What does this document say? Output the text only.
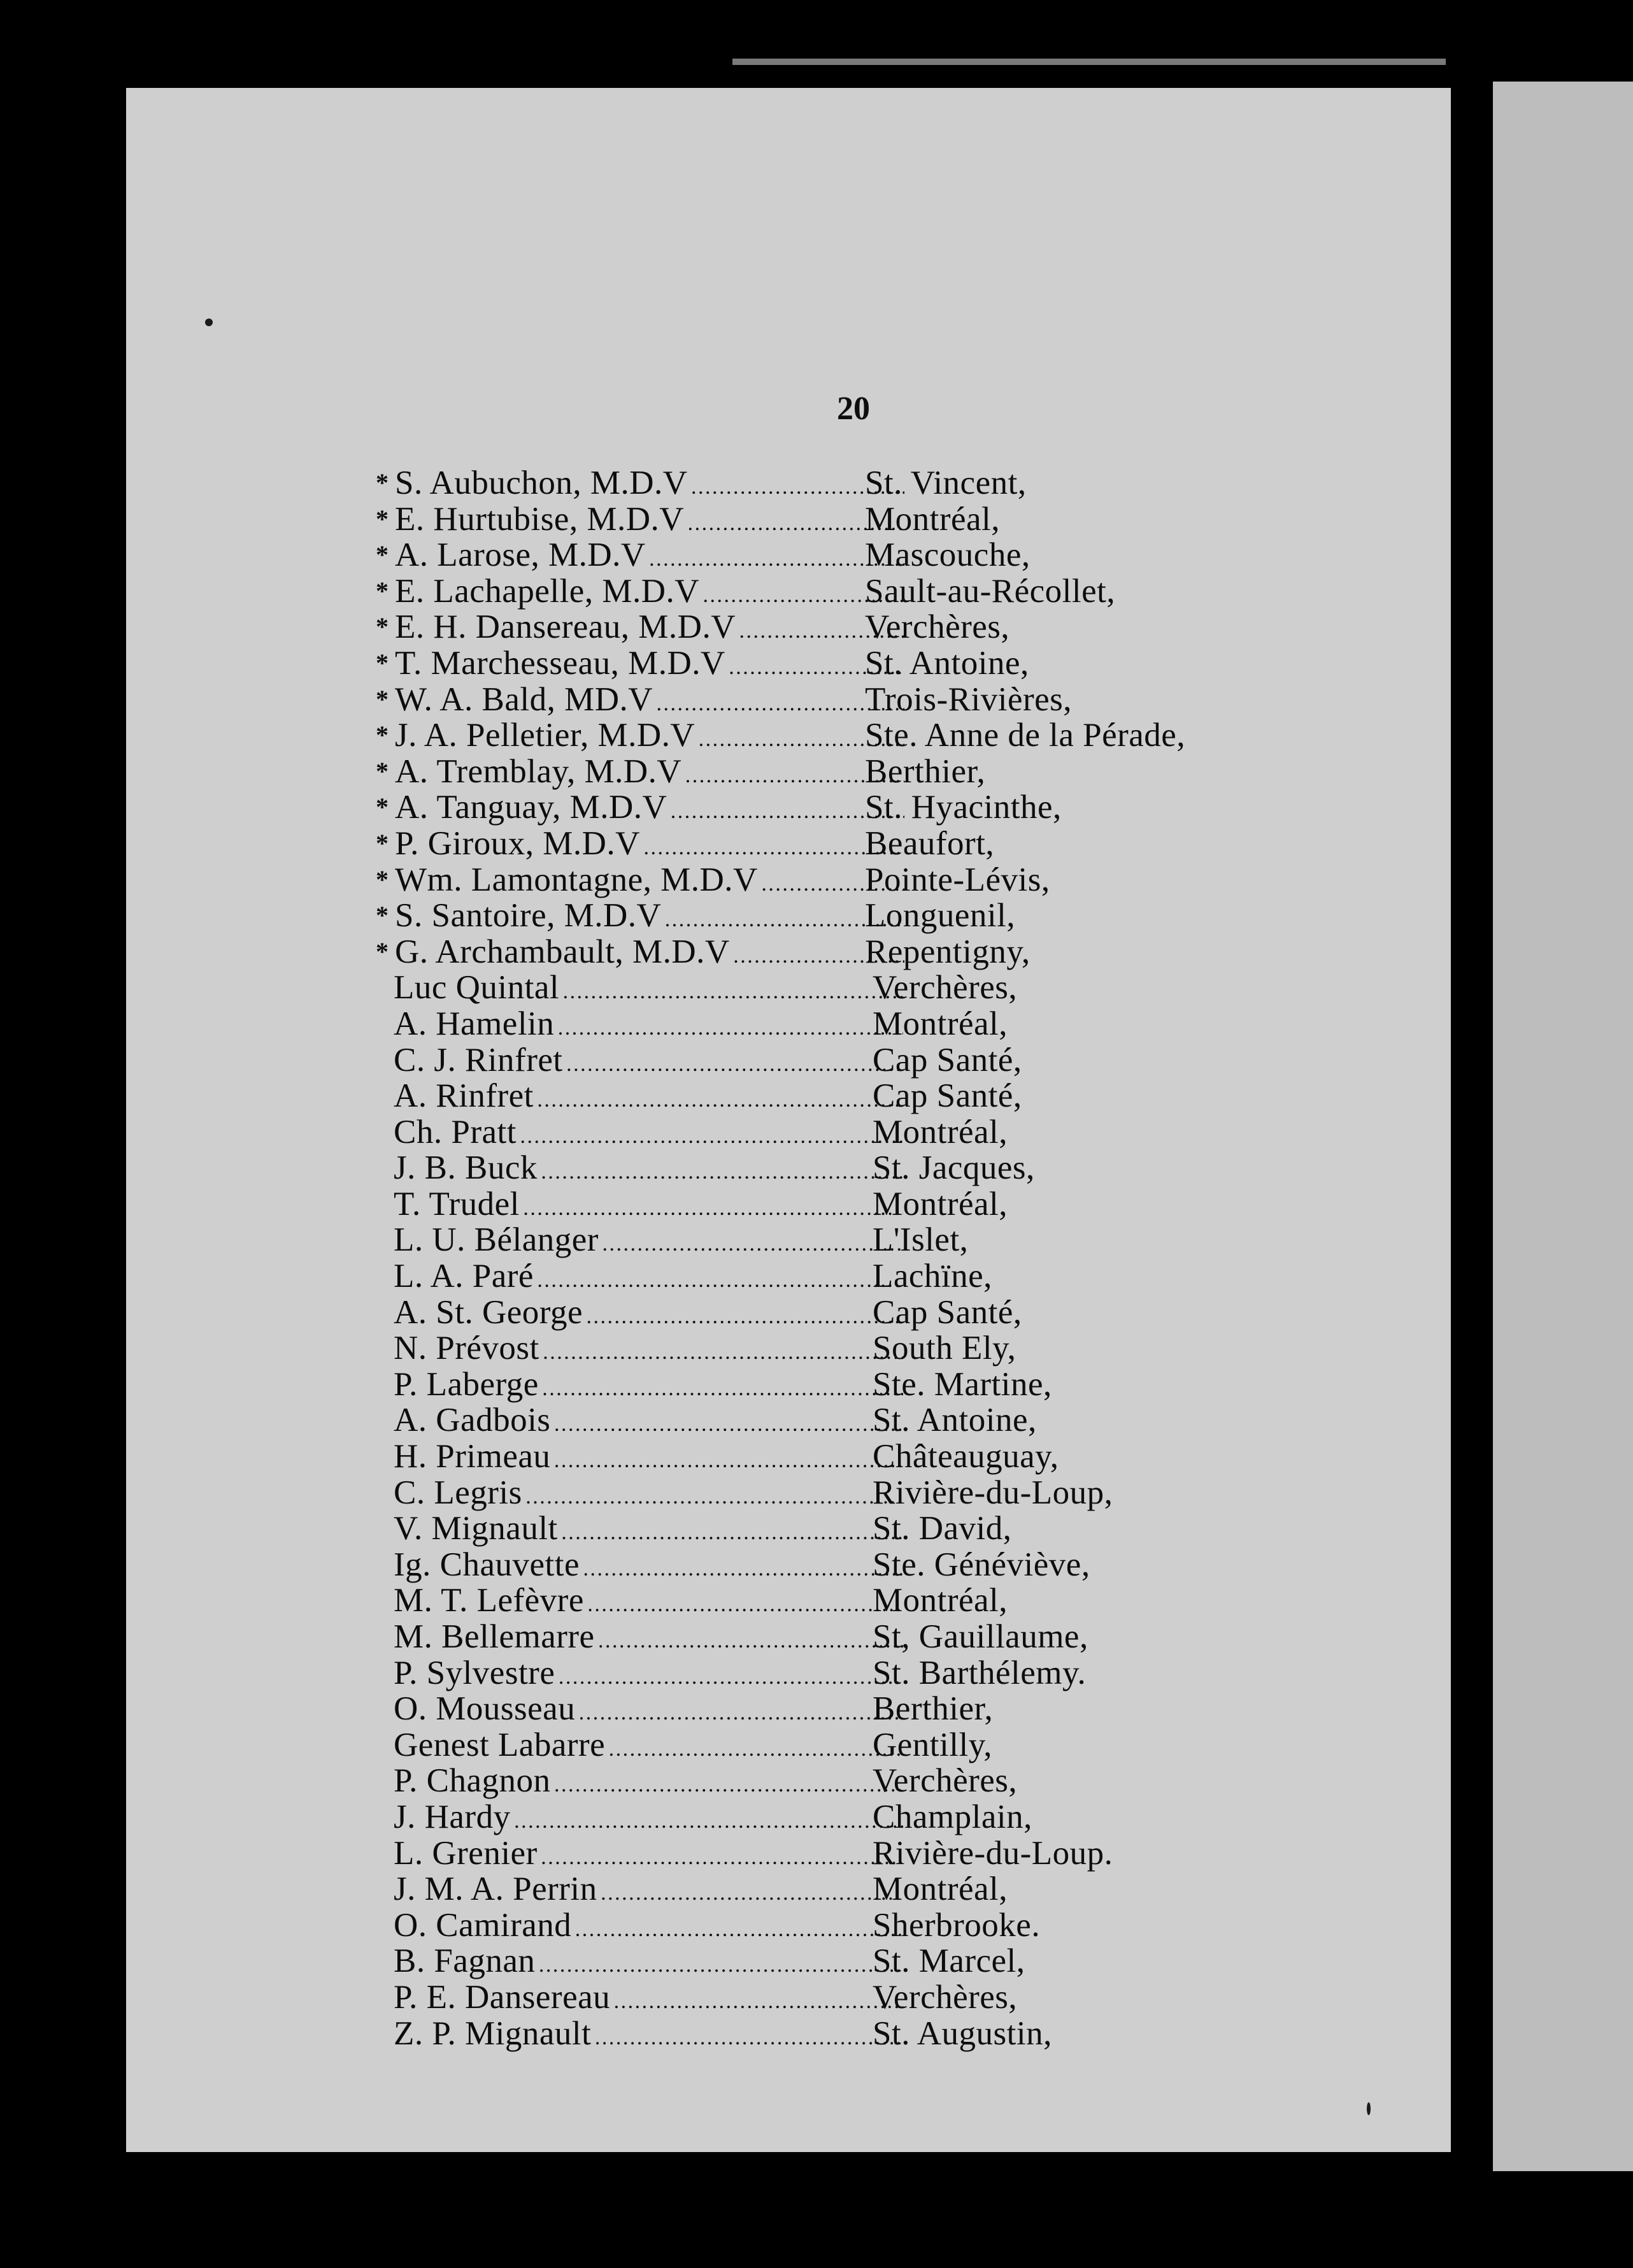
20
* S. Aubuchon, M.D.V . . .	St. Vincent,
* E. Hurtubise, M.D.V . . .	Montréal,
* A. Larose, M.D.V . . .	Mascouche,
* E. Lachapelle, M.D.V . . .	Sault-au-Récollet,
* E. H. Dansereau, M.D.V . . .	Verchères,
* T. Marchesseau, M.D.V . . .	St. Antoine,
* W. A. Bald, MD.V . . .	Trois-Rivières,
* J. A. Pelletier, M.D.V . . .	Ste. Anne de la Pérade,
* A. Tremblay, M.D.V . . .	Berthier,
* A. Tanguay, M.D.V . . .	St. Hyacinthe,
* P. Giroux, M.D.V . . .	Beaufort,
* Wm. Lamontagne, M.D.V . . .	Pointe-Lévis,
* S. Santoire, M.D.V . . .	Longuenil,
* G. Archambault, M.D.V . . .	Repentigny,
Luc Quintal . . .	Verchères,
A. Hamelin . . .	Montréal,
C. J. Rinfret . . .	Cap Santé,
A. Rinfret . . .	Cap Santé,
Ch. Pratt . . .	Montréal,
J. B. Buck . . .	St. Jacques,
T. Trudel . . .	Montréal,
L. U. Bélanger . . .	L'Islet,
L. A. Paré . . .	Lachïne,
A. St. George . . .	Cap Santé,
N. Prévost . . .	South Ely,
P. Laberge . . .	Ste. Martine,
A. Gadbois . . .	St. Antoine,
H. Primeau . . .	Châteauguay,
C. Legris . . .	Rivière-du-Loup,
V. Mignault . . .	St. David,
Ig. Chauvette . . .	Ste. Généviève,
M. T. Lefèvre . . .	Montréal,
M. Bellemarre . . .	St, Gauillaume,
P. Sylvestre . . .	St. Barthélemy.
O. Mousseau . . .	Berthier,
Genest Labarre . . .	Gentilly,
P. Chagnon . . .	Verchères,
J. Hardy . . .	Champlain,
L. Grenier . . .	Rivière-du-Loup.
J. M. A. Perrin . . .	Montréal,
O. Camirand . . .	Sherbrooke.
B. Fagnan . . .	St. Marcel,
P. E. Dansereau . . .	Verchères,
Z. P. Mignault . . .	St. Augustin,
